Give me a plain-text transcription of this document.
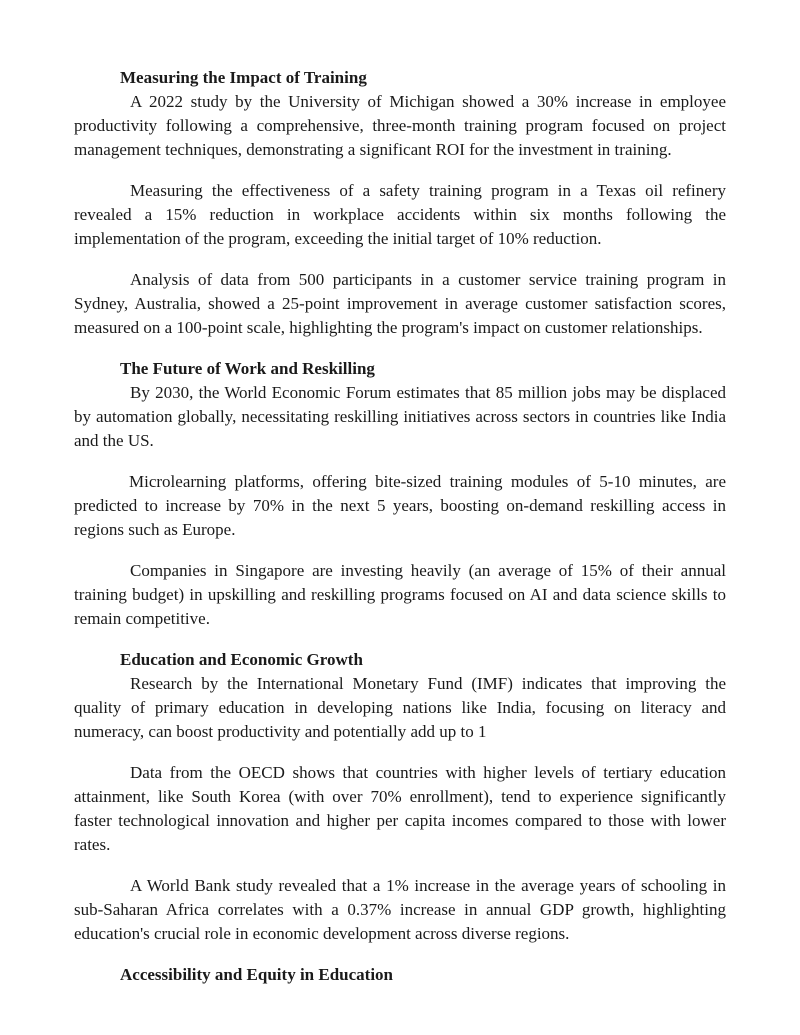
Measuring the Impact of Training

A 2022 study by the University of Michigan showed a 30% increase in employee productivity following a comprehensive, three-month training program focused on project management techniques, demonstrating a significant ROI for the investment in training.

Measuring the effectiveness of a safety training program in a Texas oil refinery revealed a 15% reduction in workplace accidents within six months following the implementation of the program, exceeding the initial target of 10% reduction.

Analysis of data from 500 participants in a customer service training program in Sydney, Australia, showed a 25-point improvement in average customer satisfaction scores, measured on a 100-point scale, highlighting the program's impact on customer relationships.

The Future of Work and Reskilling

By 2030, the World Economic Forum estimates that 85 million jobs may be displaced by automation globally, necessitating reskilling initiatives across sectors in countries like India and the US.

Microlearning platforms, offering bite-sized training modules of 5-10 minutes, are predicted to increase by 70% in the next 5 years, boosting on-demand reskilling access in regions such as Europe.

Companies in Singapore are investing heavily (an average of 15% of their annual training budget) in upskilling and reskilling programs focused on AI and data science skills to remain competitive.

Education and Economic Growth

Research by the International Monetary Fund (IMF) indicates that improving the quality of primary education in developing nations like India, focusing on literacy and numeracy, can boost productivity and potentially add up to 1

Data from the OECD shows that countries with higher levels of tertiary education attainment, like South Korea (with over 70% enrollment), tend to experience significantly faster technological innovation and higher per capita incomes compared to those with lower rates.

A World Bank study revealed that a 1% increase in the average years of schooling in sub-Saharan Africa correlates with a 0.37% increase in annual GDP growth, highlighting education's crucial role in economic development across diverse regions.

Accessibility and Equity in Education
